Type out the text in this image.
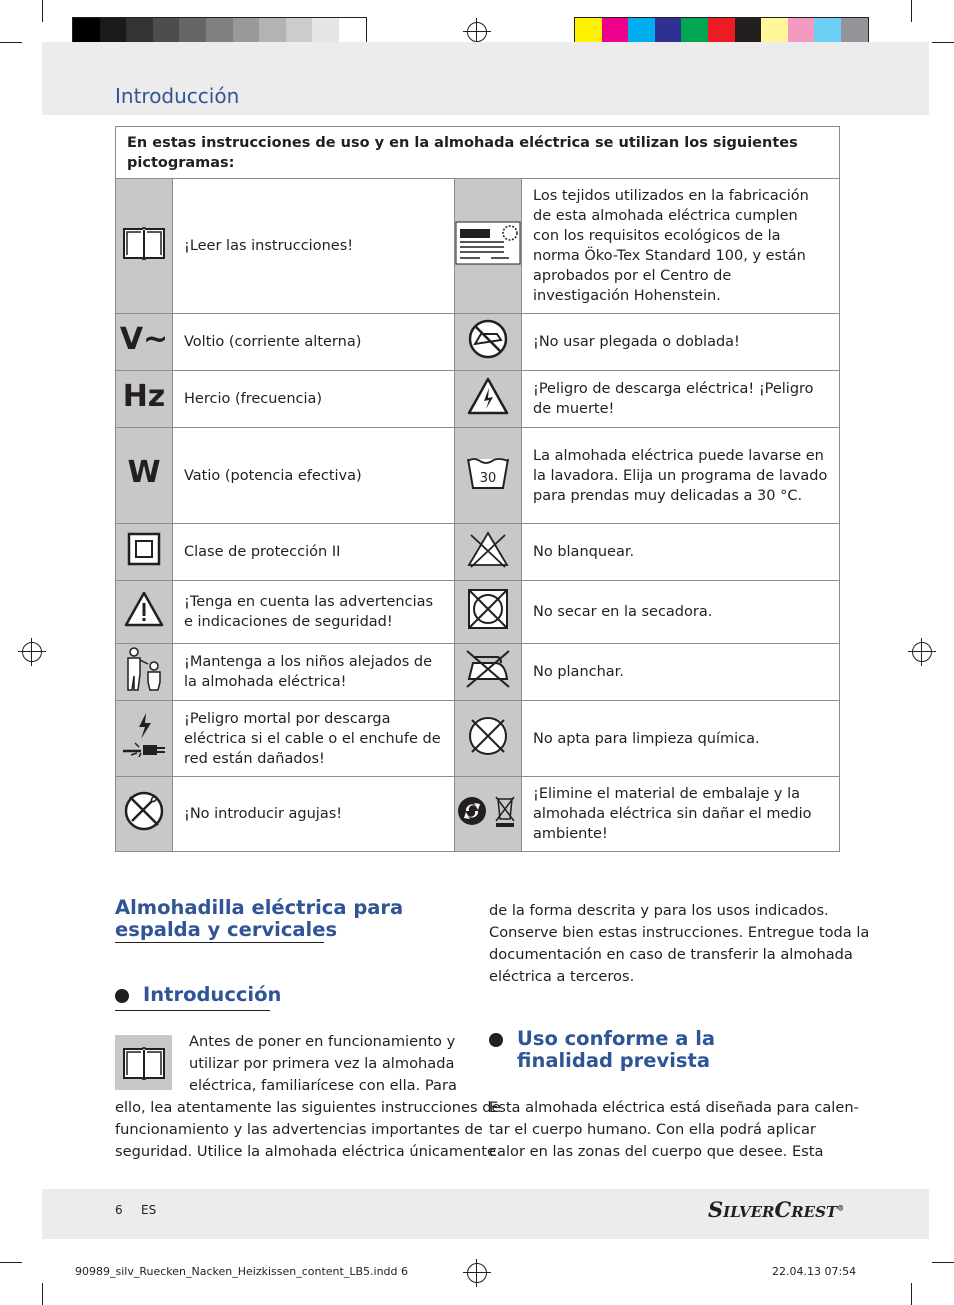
Introducción
En estas instrucciones de uso y en la almohada eléctrica se utilizan los siguientes pictogramas:			
	¡Leer las instrucciones!		Los tejidos utilizados en la fabricación de esta almohada eléctrica cumplen con los requisitos ecológicos de la norma Öko-Tex Standard 100, y están aprobados por el Centro de investigación Hohenstein.
V~	Voltio (corriente alterna)		¡No usar plegada o doblada!
Hz	Hercio (frecuencia)		¡Peligro de descarga eléctrica! ¡Peligro de muerte!
W	Vatio (potencia efectiva)	30	La almohada eléctrica puede lavarse en la lavadora. Elija un programa de lavado para prendas muy delicadas a 30 °C.
	Clase de protección II		No blanquear.
	¡Tenga en cuenta las advertencias e indicaciones de seguridad!		No secar en la secadora.
	¡Mantenga a los niños alejados de la almohada eléctrica!		No planchar.
	¡Peligro mortal por descarga eléctrica si el cable o el enchufe de red están dañados!		No apta para limpieza química.
	¡No introducir agujas!		¡Elimine el material de embalaje y la almohada eléctrica sin dañar el medio ambiente!
Almohadilla eléctrica para
espalda y cervicales
Introducción
Antes de poner en funcionamiento y
utilizar por primera vez la almohada
eléctrica, familiarícese con ella. Para
ello, lea atentamente las siguientes instrucciones de
funcionamiento y las advertencias importantes de
seguridad. Utilice la almohada eléctrica únicamente
de la forma descrita y para los usos indicados.
Conserve bien estas instrucciones. Entregue toda la
documentación en caso de transferir la almohada
eléctrica a terceros.
Uso conforme a la
finalidad prevista
Esta almohada eléctrica está diseñada para calen-
tar el cuerpo humano. Con ella podrá aplicar
calor en las zonas del cuerpo que desee. Esta
6 ES	SILVERCREST®
90989_silv_Ruecken_Nacken_Heizkissen_content_LB5.indd 6	22.04.13 07:54
